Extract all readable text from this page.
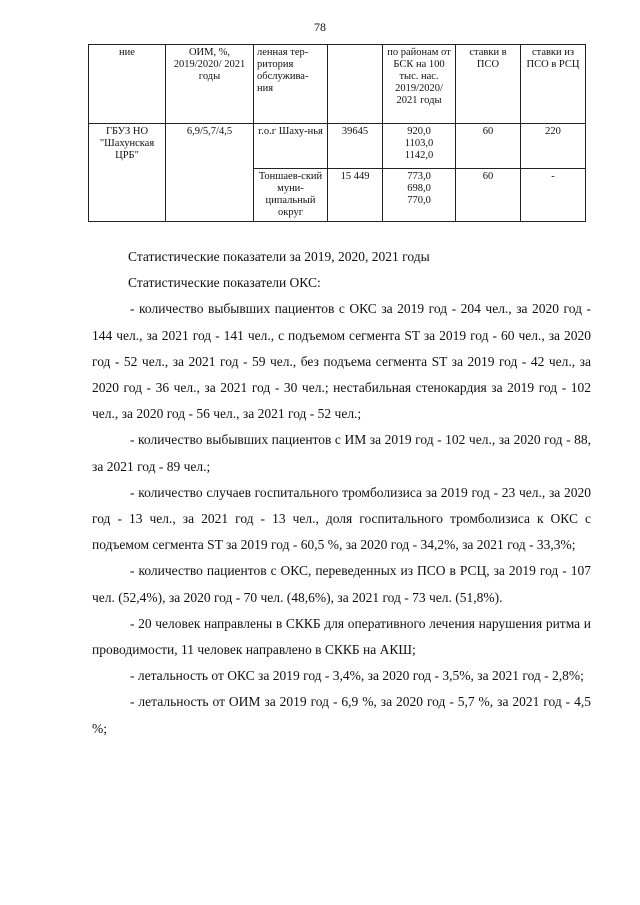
78
ние	ОИМ, %, 2019/2020/ 2021 годы	ленная тер-ритория обслужива-ния		по районам от БСК на 100 тыс. нас. 2019/2020/ 2021 годы	ставки в ПСО	ставки из ПСО в РСЦ
ГБУЗ НО "Шахунская ЦРБ"	6,9/5,7/4,5	г.о.г Шаху-нья	39645	920,0
1103,0
1142,0	60	220
		Тоншаев-ский муни-ципальный округ	15 449	773,0
698,0
770,0	60	-

Статистические показатели за 2019, 2020, 2021 годы

Статистические показатели ОКС:

- количество выбывших пациентов с ОКС за 2019 год - 204 чел., за 2020 год - 144 чел., за 2021 год - 141 чел., с подъемом сегмента ST за 2019 год - 60 чел., за 2020 год - 52 чел., за 2021 год - 59 чел., без подъема сегмента ST за 2019 год - 42 чел., за 2020 год - 36 чел., за 2021 год - 30 чел.; нестабильная стенокардия за 2019 год - 102 чел., за 2020 год - 56 чел., за 2021 год - 52 чел.;

- количество выбывших пациентов с ИМ за 2019 год - 102 чел., за 2020 год - 88, за 2021 год - 89 чел.;

- количество случаев госпитального тромболизиса за 2019 год - 23 чел., за 2020 год - 13 чел., за 2021 год - 13 чел., доля госпитального тромболизиса к ОКС с подъемом сегмента ST за 2019 год - 60,5 %, за 2020 год - 34,2%, за 2021 год - 33,3%;

- количество пациентов с ОКС, переведенных из ПСО в РСЦ, за 2019 год - 107 чел. (52,4%), за 2020 год - 70 чел. (48,6%), за 2021 год - 73 чел. (51,8%).

- 20 человек направлены в СККБ для оперативного лечения нарушения ритма и проводимости, 11 человек направлено в СККБ на АКШ;

- летальность от ОКС за 2019 год - 3,4%, за 2020 год - 3,5%, за 2021 год - 2,8%;

- летальность от ОИМ за 2019 год - 6,9 %, за 2020 год - 5,7 %, за 2021 год - 4,5 %;
